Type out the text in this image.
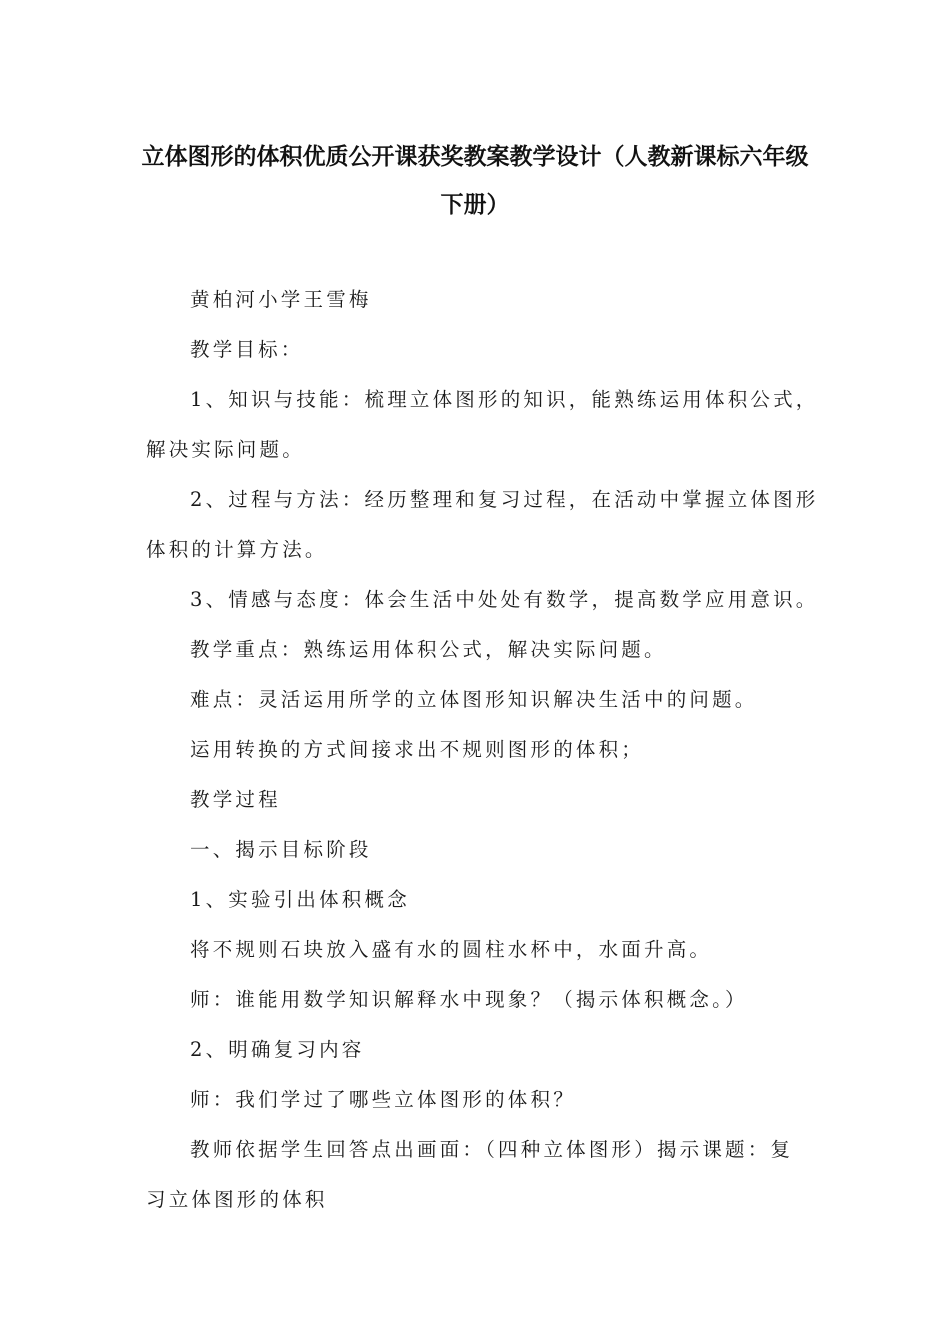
立体图形的体积优质公开课获奖教案教学设计（人教新课标六年级
下册）
黄柏河小学王雪梅
教学目标：
1、知识与技能：梳理立体图形的知识，能熟练运用体积公式，
解决实际问题。
2、过程与方法：经历整理和复习过程，在活动中掌握立体图形
体积的计算方法。
3、情感与态度：体会生活中处处有数学，提高数学应用意识。
教学重点：熟练运用体积公式，解决实际问题。
难点：灵活运用所学的立体图形知识解决生活中的问题。
运用转换的方式间接求出不规则图形的体积；
教学过程
一、揭示目标阶段
1、实验引出体积概念
将不规则石块放入盛有水的圆柱水杯中，水面升高。
师：谁能用数学知识解释水中现象？（揭示体积概念。）
2、明确复习内容
师：我们学过了哪些立体图形的体积？
教师依据学生回答点出画面：（四种立体图形）揭示课题：复
习立体图形的体积
